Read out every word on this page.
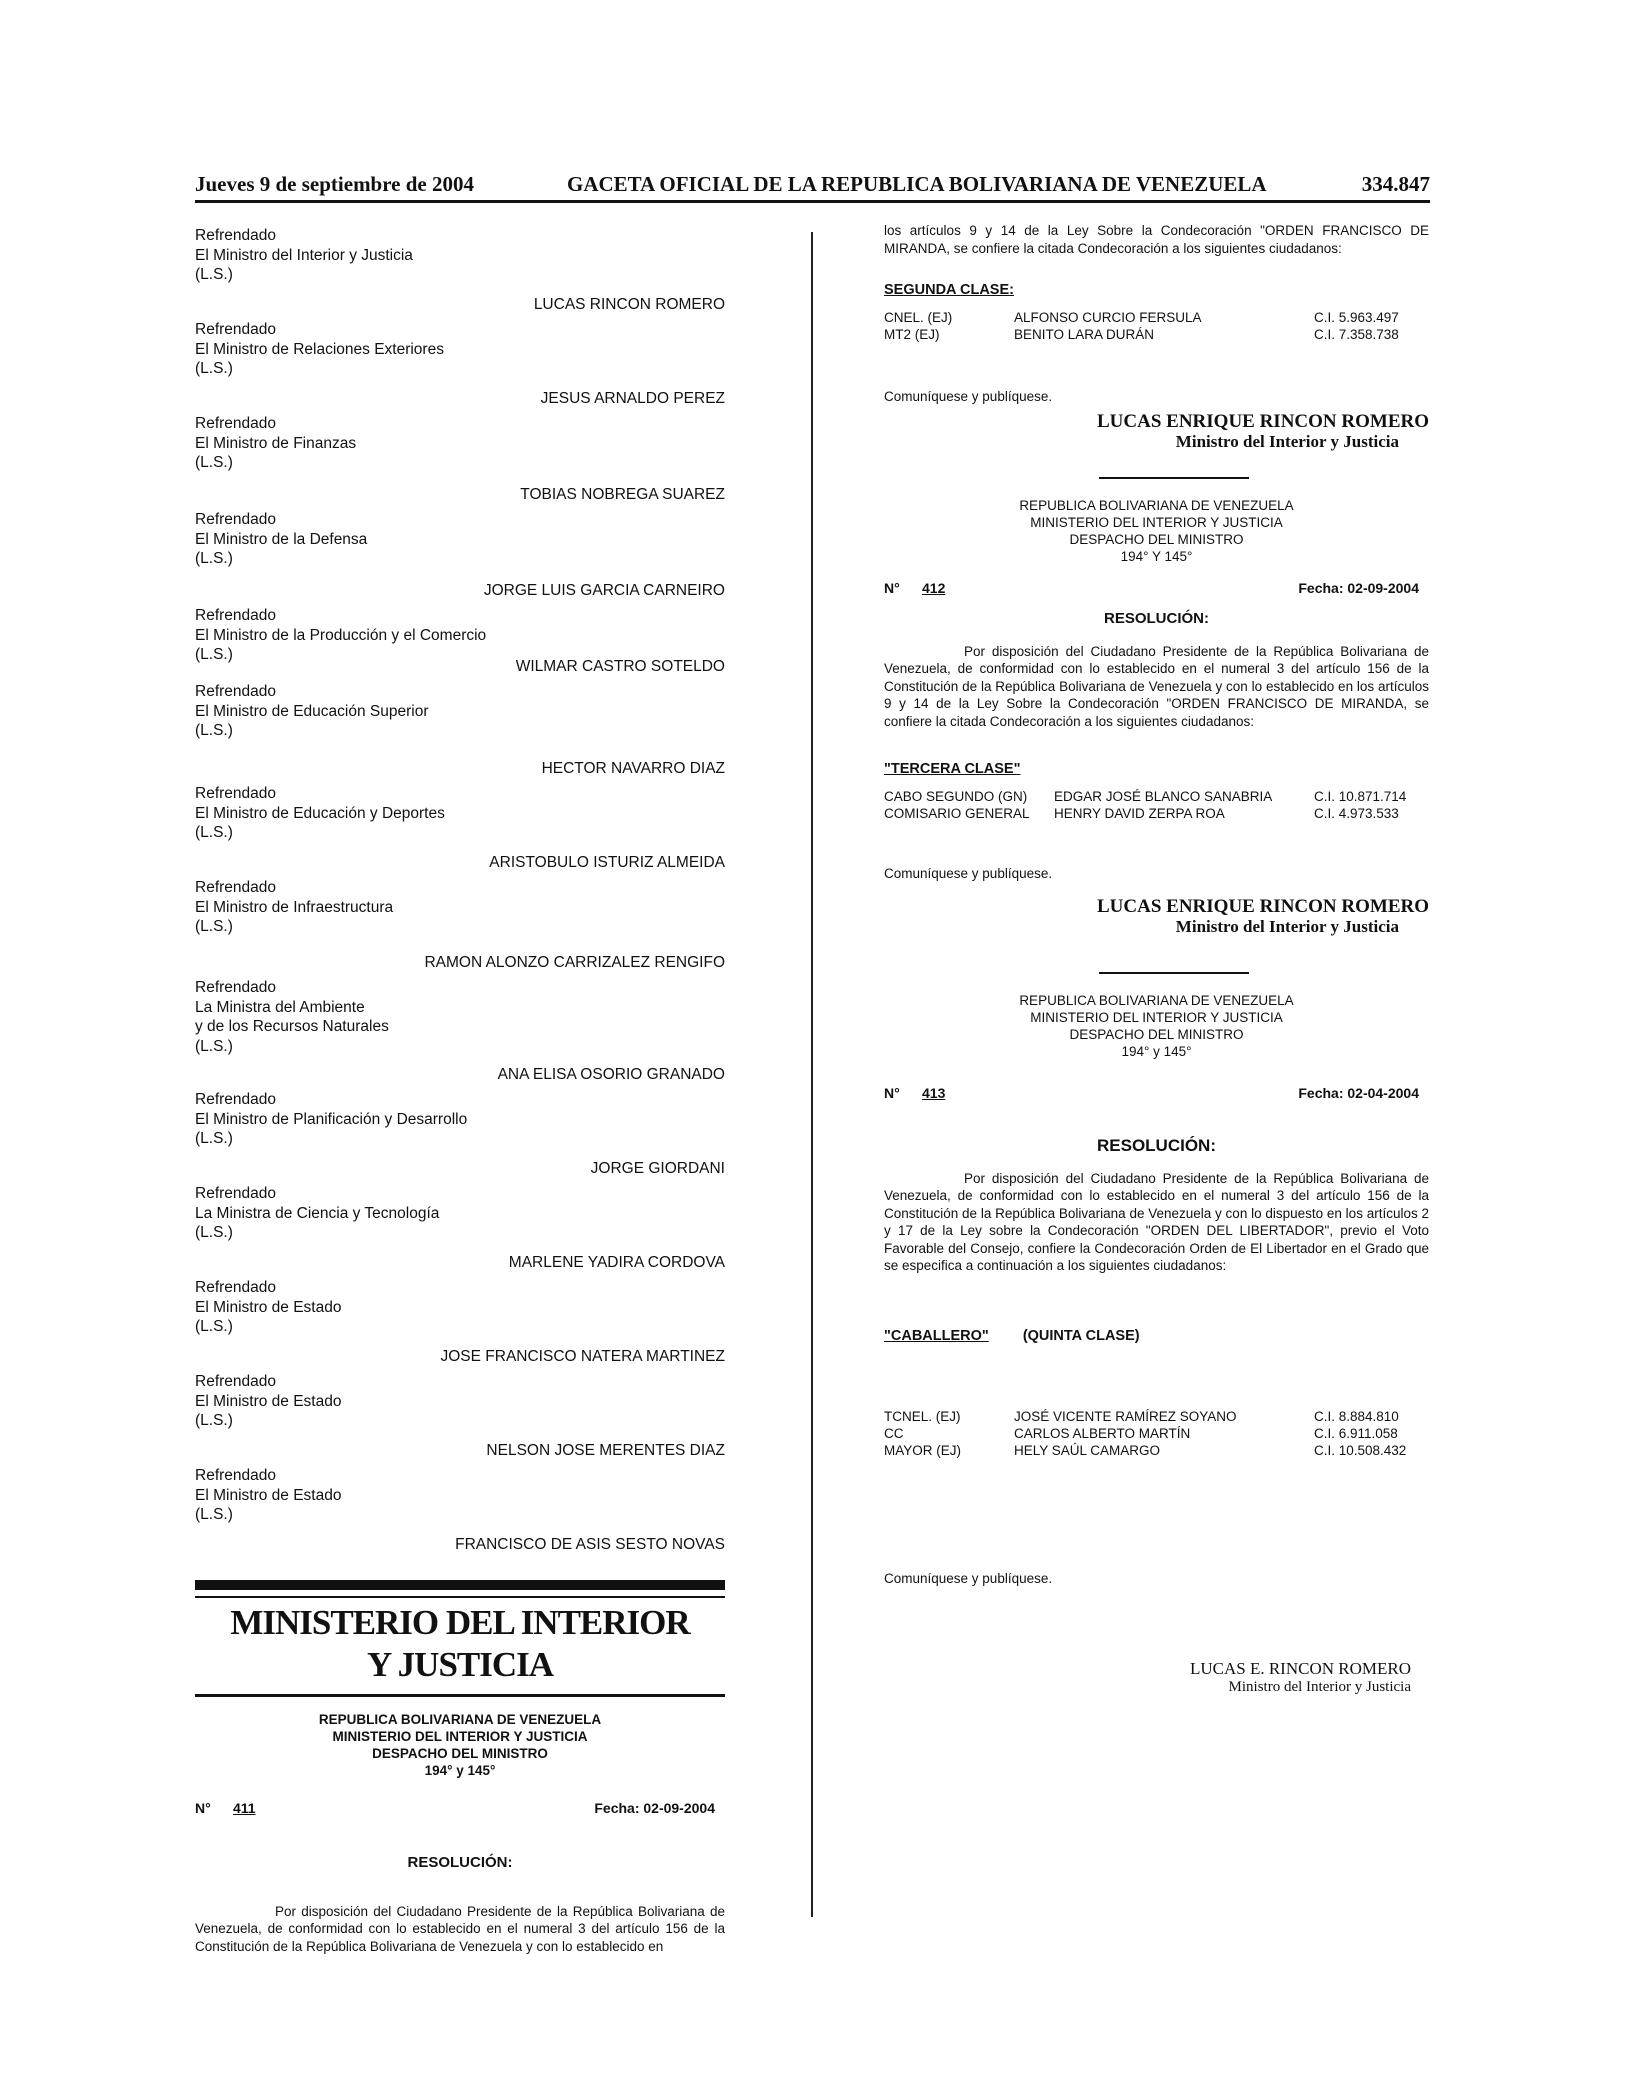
Jueves 9 de septiembre de 2004	GACETA OFICIAL DE LA REPUBLICA BOLIVARIANA DE VENEZUELA	334.847
Refrendado
El Ministro del Interior y Justicia
(L.S.)
LUCAS RINCON ROMERO
Refrendado
El Ministro de Relaciones Exteriores
(L.S.)
JESUS ARNALDO PEREZ
Refrendado
El Ministro de Finanzas
(L.S.)
TOBIAS NOBREGA SUAREZ
Refrendado
El Ministro de la Defensa
(L.S.)
JORGE LUIS GARCIA CARNEIRO
Refrendado
El Ministro de la Producción y el Comercio
(L.S.)
WILMAR CASTRO SOTELDO
Refrendado
El Ministro de Educación Superior
(L.S.)
HECTOR NAVARRO DIAZ
Refrendado
El Ministro de Educación y Deportes
(L.S.)
ARISTOBULO ISTURIZ ALMEIDA
Refrendado
El Ministro de Infraestructura
(L.S.)
RAMON ALONZO CARRIZALEZ RENGIFO
Refrendado
La Ministra del Ambiente
y de los Recursos Naturales
(L.S.)
ANA ELISA OSORIO GRANADO
Refrendado
El Ministro de Planificación y Desarrollo
(L.S.)
JORGE GIORDANI
Refrendado
La Ministra de Ciencia y Tecnología
(L.S.)
MARLENE YADIRA CORDOVA
Refrendado
El Ministro de Estado
(L.S.)
JOSE FRANCISCO NATERA MARTINEZ
Refrendado
El Ministro de Estado
(L.S.)
NELSON JOSE MERENTES DIAZ
Refrendado
El Ministro de Estado
(L.S.)
FRANCISCO DE ASIS SESTO NOVAS
MINISTERIO DEL INTERIOR
Y JUSTICIA
REPUBLICA BOLIVARIANA DE VENEZUELA
MINISTERIO DEL INTERIOR Y JUSTICIA
DESPACHO DEL MINISTRO
194° y 145°
N° 411	Fecha: 02-09-2004
RESOLUCIÓN:
Por disposición del Ciudadano Presidente de la República Bolivariana de Venezuela, de conformidad con lo establecido en el numeral 3 del artículo 156 de la Constitución de la República Bolivariana de Venezuela y con lo establecido en
los artículos 9 y 14 de la Ley Sobre la Condecoración "ORDEN FRANCISCO DE MIRANDA, se confiere la citada Condecoración a los siguientes ciudadanos:
SEGUNDA CLASE:
CNEL. (EJ)	ALFONSO CURCIO FERSULA	C.I. 5.963.497
MT2 (EJ)	BENITO LARA DURÁN	C.I. 7.358.738
Comuníquese y publíquese.
LUCAS ENRIQUE RINCON ROMERO
Ministro del Interior y Justicia
REPUBLICA BOLIVARIANA DE VENEZUELA
MINISTERIO DEL INTERIOR Y JUSTICIA
DESPACHO DEL MINISTRO
194° Y 145°
N° 412	Fecha: 02-09-2004
RESOLUCIÓN:
Por disposición del Ciudadano Presidente de la República Bolivariana de Venezuela, de conformidad con lo establecido en el numeral 3 del artículo 156 de la Constitución de la República Bolivariana de Venezuela y con lo establecido en los artículos 9 y 14 de la Ley Sobre la Condecoración "ORDEN FRANCISCO DE MIRANDA, se confiere la citada Condecoración a los siguientes ciudadanos:
"TERCERA CLASE"
CABO SEGUNDO (GN)	EDGAR JOSÉ BLANCO SANABRIA	C.I. 10.871.714
COMISARIO GENERAL	HENRY DAVID ZERPA ROA	C.I. 4.973.533
Comuníquese y publíquese.
LUCAS ENRIQUE RINCON ROMERO
Ministro del Interior y Justicia
REPUBLICA BOLIVARIANA DE VENEZUELA
MINISTERIO DEL INTERIOR Y JUSTICIA
DESPACHO DEL MINISTRO
194° y 145°
N° 413	Fecha: 02-04-2004
RESOLUCIÓN:
Por disposición del Ciudadano Presidente de la República Bolivariana de Venezuela, de conformidad con lo establecido en el numeral 3 del artículo 156 de la Constitución de la República Bolivariana de Venezuela y con lo dispuesto en los artículos 2 y 17 de la Ley sobre la Condecoración "ORDEN DEL LIBERTADOR", previo el Voto Favorable del Consejo, confiere la Condecoración Orden de El Libertador en el Grado que se especifica a continuación a los siguientes ciudadanos:
"CABALLERO" (QUINTA CLASE)
TCNEL. (EJ)	JOSÉ VICENTE RAMÍREZ SOYANO	C.I. 8.884.810
CC	CARLOS ALBERTO MARTÍN	C.I. 6.911.058
MAYOR (EJ)	HELY SAÚL CAMARGO	C.I. 10.508.432
Comuníquese y publíquese.
LUCAS E. RINCON ROMERO
Ministro del Interior y Justicia
